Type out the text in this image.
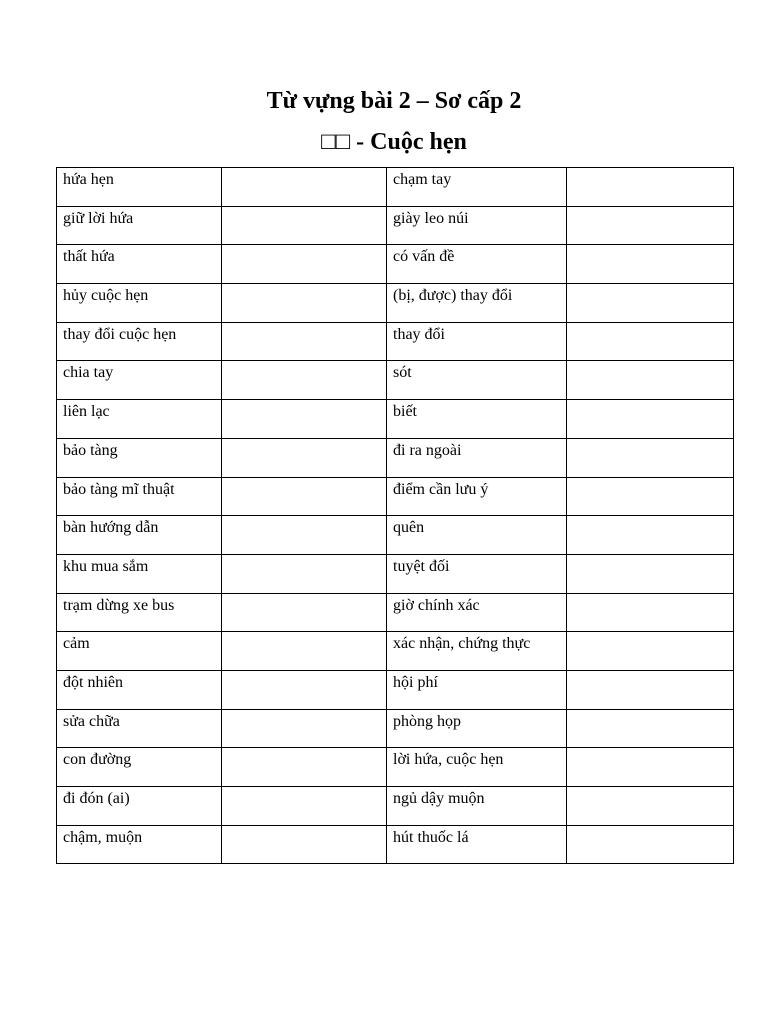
Từ vựng bài 2 – Sơ cấp 2
□□ - Cuộc hẹn
hứa hẹn		chạm tay	
giữ lời hứa		giày leo núi	
thất hứa		có vấn đề	
hủy cuộc hẹn		(bị, được) thay đổi	
thay đổi cuộc hẹn		thay đổi	
chia tay		sót	
liên lạc		biết	
bảo tàng		đi ra ngoài	
bảo tàng mĩ thuật		điểm cần lưu ý	
bàn hướng dẫn		quên	
khu mua sắm		tuyệt đối	
trạm dừng xe bus		giờ chính xác	
cảm		xác nhận, chứng thực	
đột nhiên		hội phí	
sửa chữa		phòng họp	
con đường		lời hứa, cuộc hẹn	
đi đón (ai)		ngủ dậy muộn	
chậm, muộn		hút thuốc lá	
